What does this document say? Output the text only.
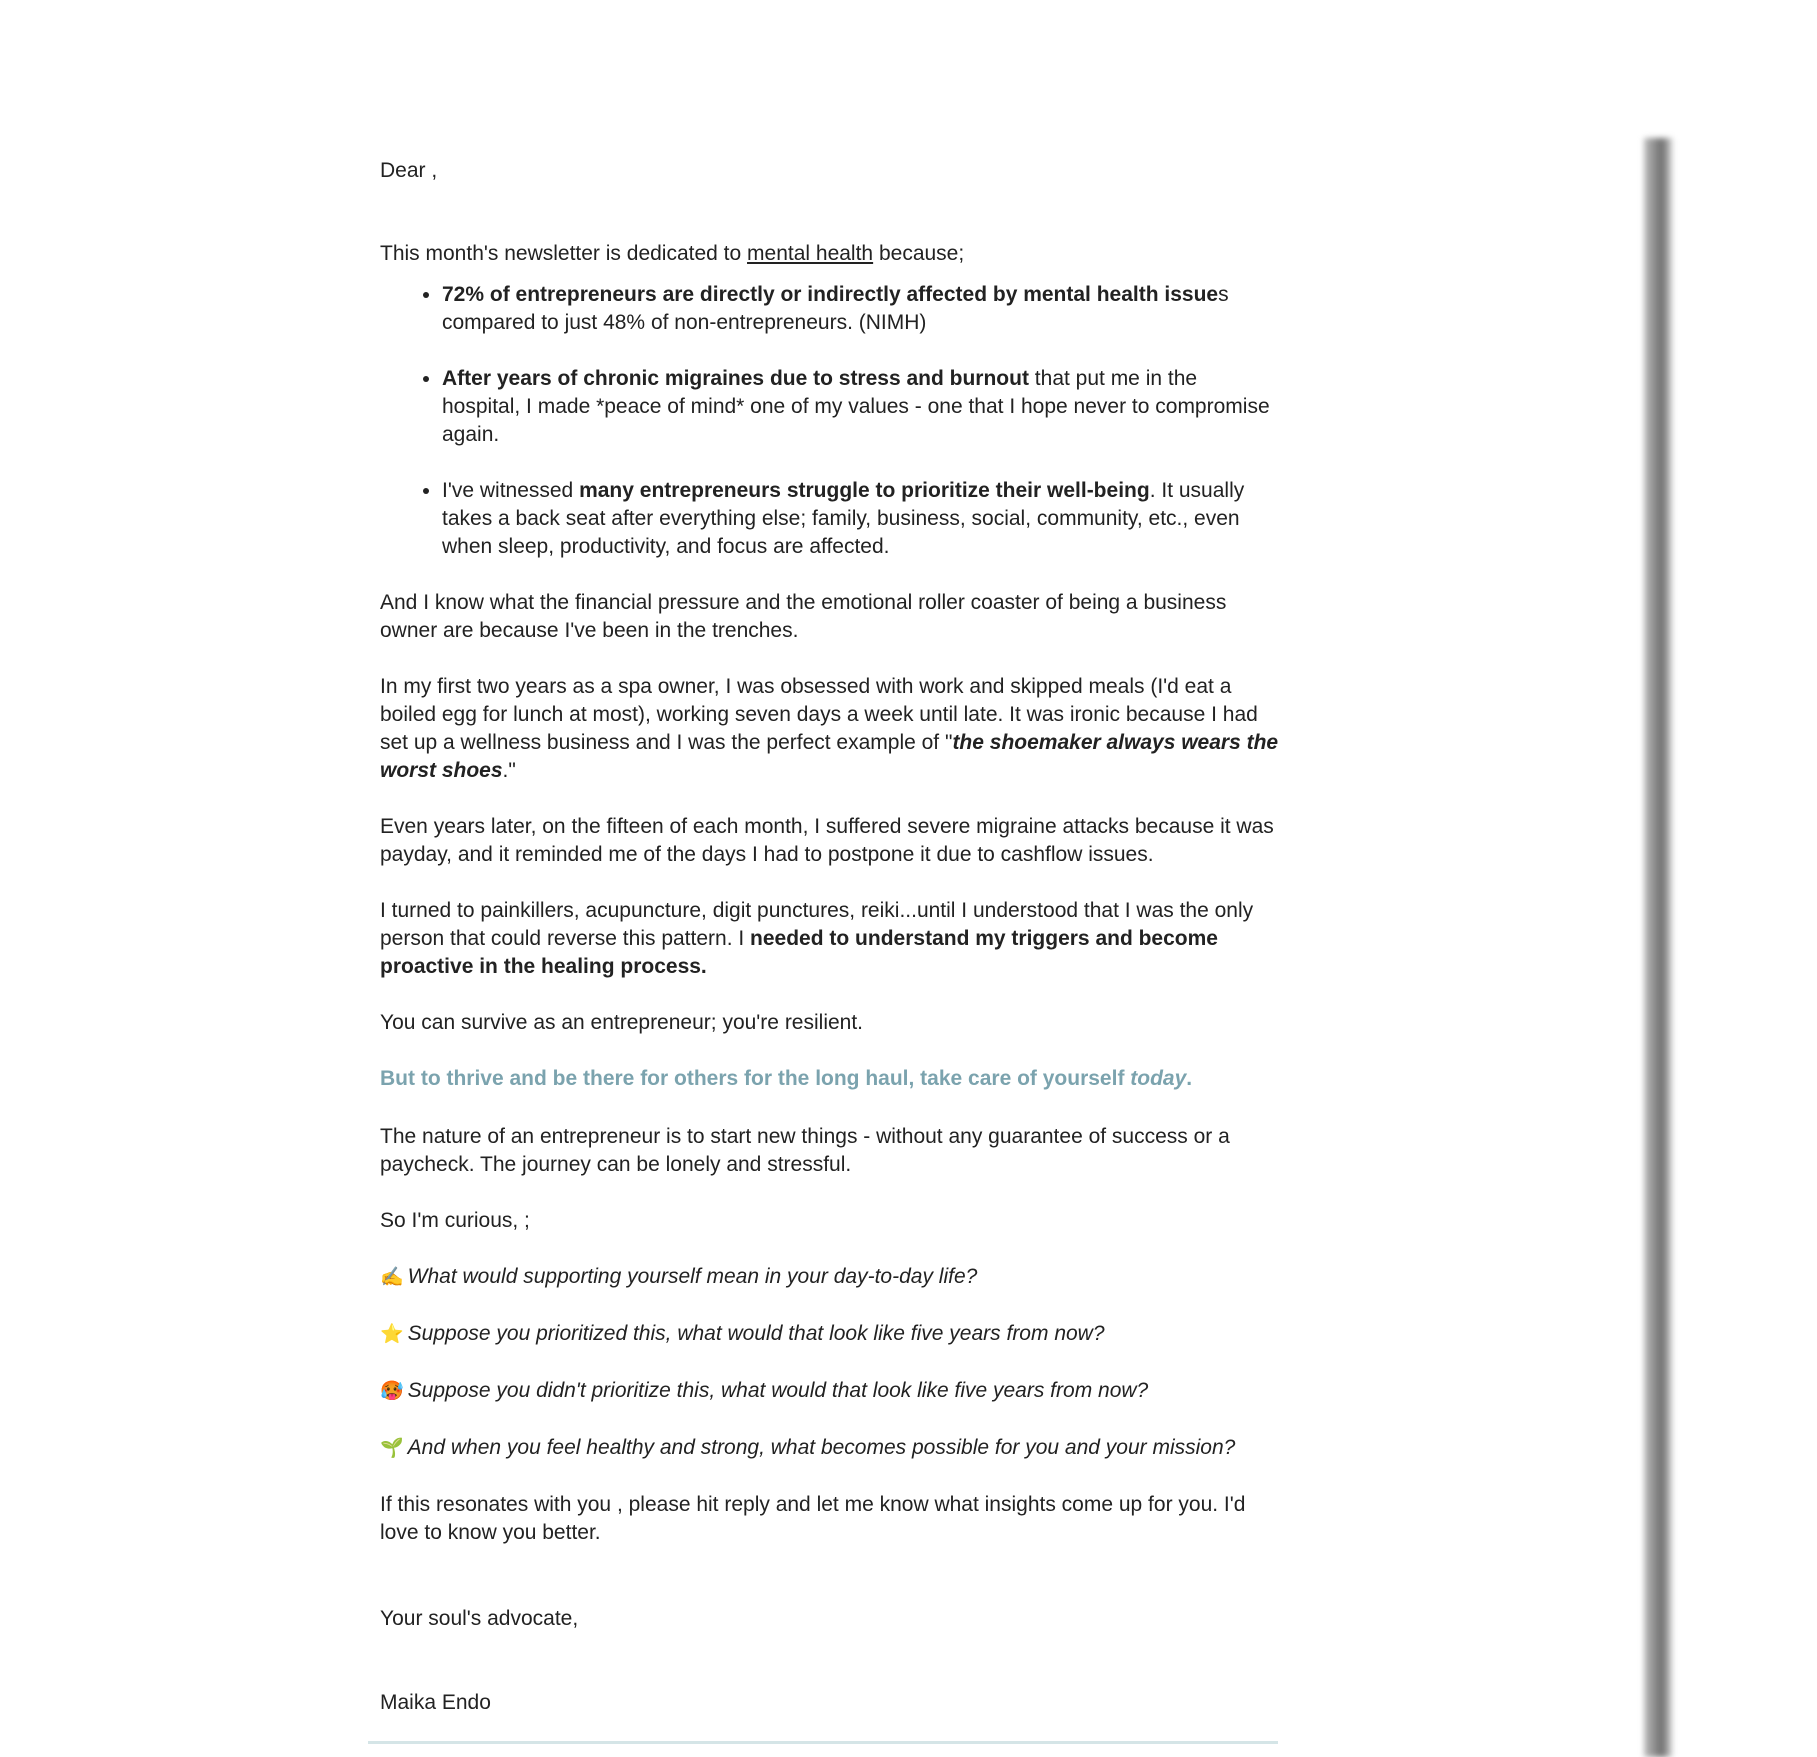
Dear ,

This month's newsletter is dedicated to mental health because;

• 72% of entrepreneurs are directly or indirectly affected by mental health issues compared to just 48% of non-entrepreneurs. (NIMH)
• After years of chronic migraines due to stress and burnout that put me in the hospital, I made *peace of mind* one of my values - one that I hope never to compromise again.
• I've witnessed many entrepreneurs struggle to prioritize their well-being. It usually takes a back seat after everything else; family, business, social, community, etc., even when sleep, productivity, and focus are affected.

And I know what the financial pressure and the emotional roller coaster of being a business owner are because I've been in the trenches.

In my first two years as a spa owner, I was obsessed with work and skipped meals (I'd eat a boiled egg for lunch at most), working seven days a week until late. It was ironic because I had set up a wellness business and I was the perfect example of "the shoemaker always wears the worst shoes."

Even years later, on the fifteen of each month, I suffered severe migraine attacks because it was payday, and it reminded me of the days I had to postpone it due to cashflow issues.

I turned to painkillers, acupuncture, digit punctures, reiki...until I understood that I was the only person that could reverse this pattern. I needed to understand my triggers and become proactive in the healing process.

You can survive as an entrepreneur; you're resilient.

But to thrive and be there for others for the long haul, take care of yourself today.

The nature of an entrepreneur is to start new things - without any guarantee of success or a paycheck. The journey can be lonely and stressful.

So I'm curious, ;

✍ What would supporting yourself mean in your day-to-day life?

⭐ Suppose you prioritized this, what would that look like five years from now?

🥵 Suppose you didn't prioritize this, what would that look like five years from now?

🌱 And when you feel healthy and strong, what becomes possible for you and your mission?

If this resonates with you , please hit reply and let me know what insights come up for you. I'd love to know you better.

Your soul's advocate,

Maika Endo
